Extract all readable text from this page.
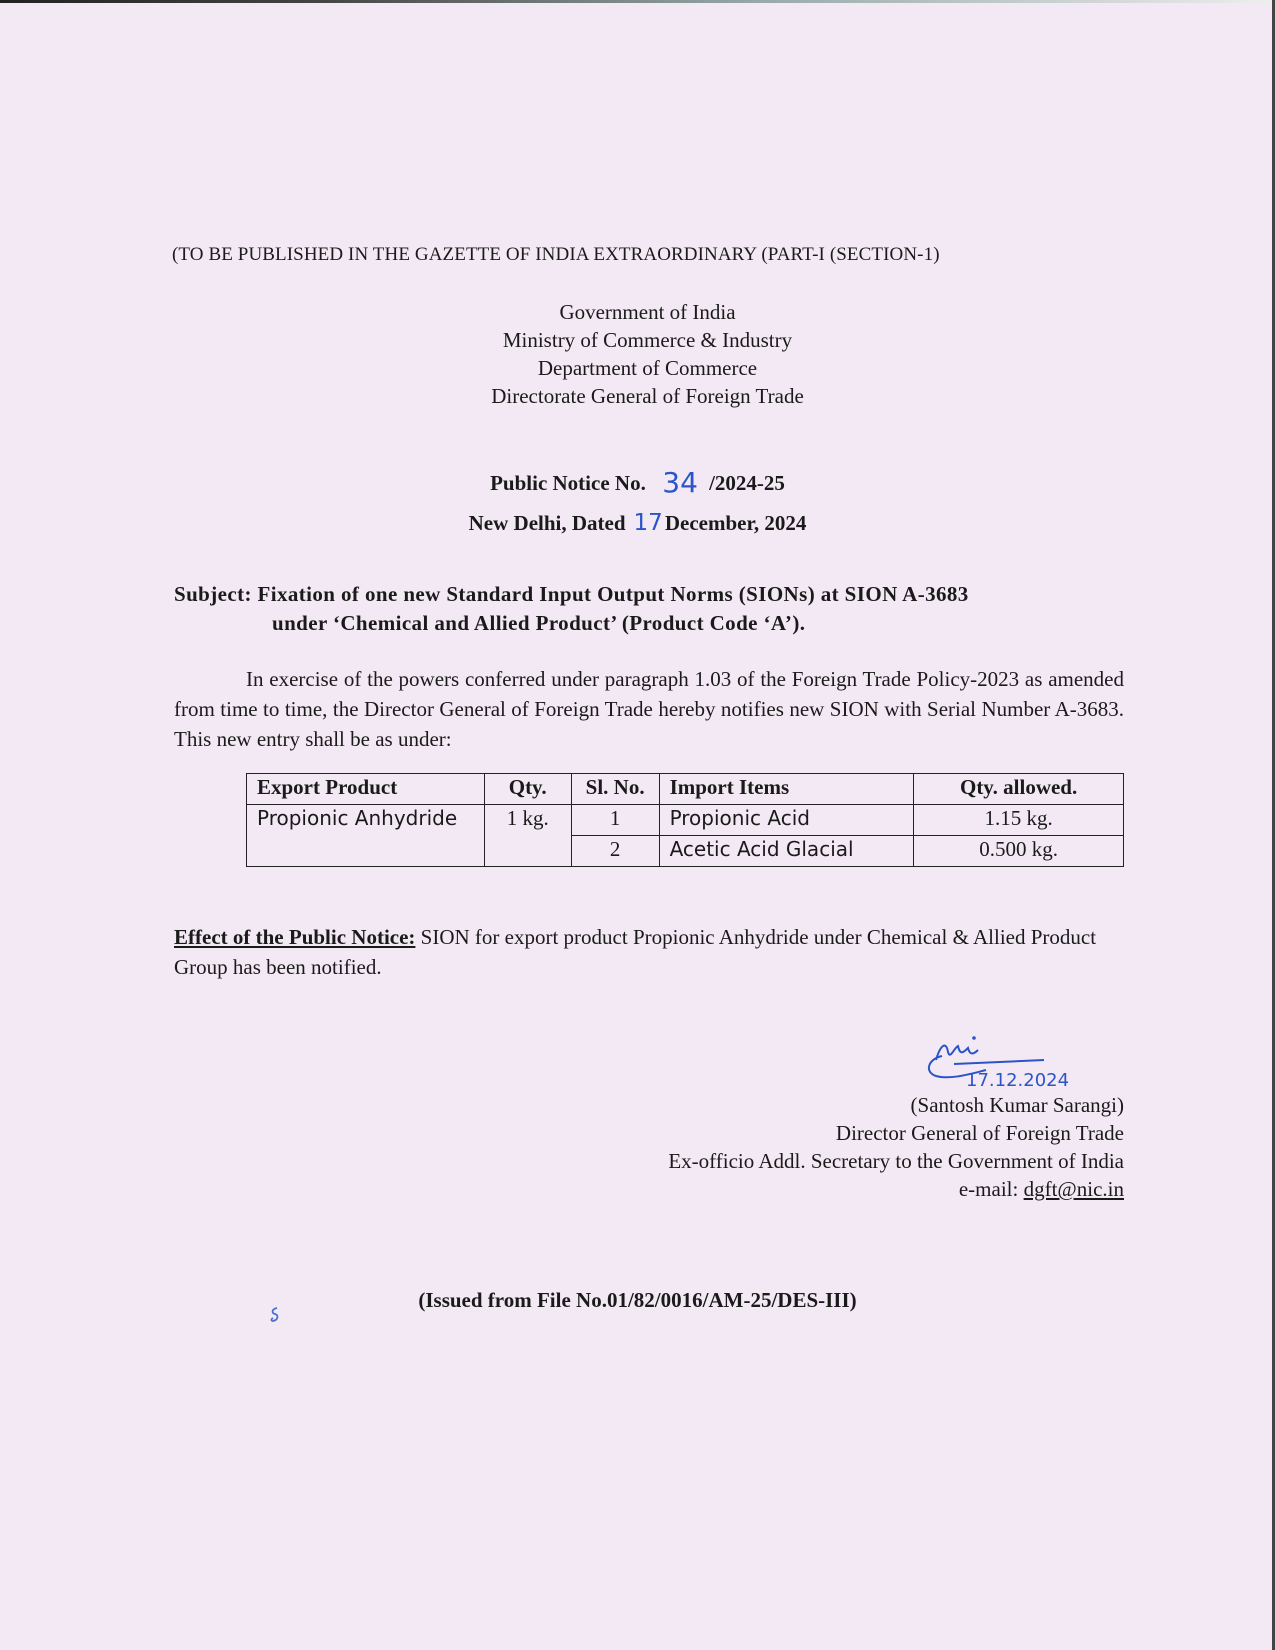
(TO BE PUBLISHED IN THE GAZETTE OF INDIA EXTRAORDINARY (PART-I (SECTION-1)
Government of India
Ministry of Commerce & Industry
Department of Commerce
Directorate General of Foreign Trade
Public Notice No. 34 /2024-25
New Delhi, Dated 17December, 2024
Subject: Fixation of one new Standard Input Output Norms (SIONs) at SION A-3683
under ‘Chemical and Allied Product’ (Product Code ‘A’).
In exercise of the powers conferred under paragraph 1.03 of the Foreign Trade Policy-2023 as amended from time to time, the Director General of Foreign Trade hereby notifies new SION with Serial Number A-3683. This new entry shall be as under:
Export Product	Qty.	Sl. No.	Import Items	Qty. allowed.
Propionic Anhydride	1 kg.	1	Propionic Acid	1.15 kg.
		2	Acetic Acid Glacial	0.500 kg.
Effect of the Public Notice: SION for export product Propionic Anhydride under Chemical & Allied Product Group has been notified.
17.12.2024
(Santosh Kumar Sarangi)
Director General of Foreign Trade
Ex-officio Addl. Secretary to the Government of India
e-mail: dgft@nic.in
(Issued from File No.01/82/0016/AM-25/DES-III)
